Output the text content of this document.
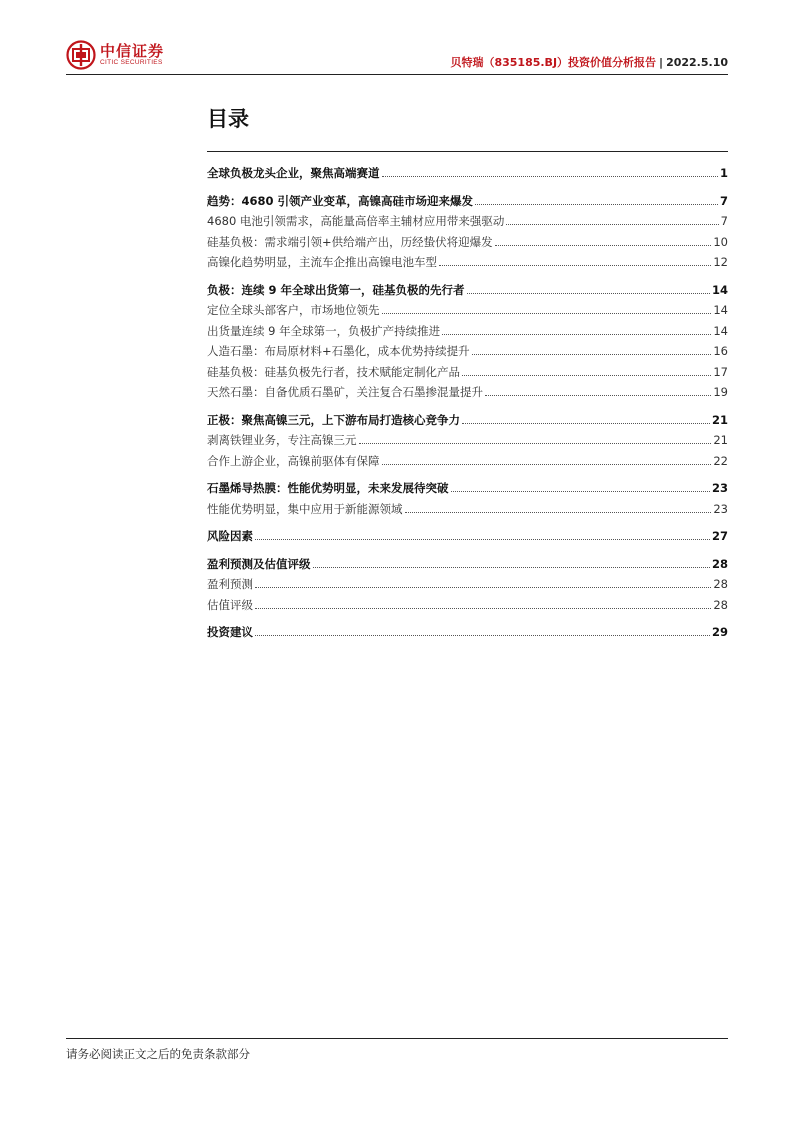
中信证券
CITIC SECURITIES	贝特瑞（835185.BJ）投资价值分析报告 | 2022.5.10
目录
全球负极龙头企业，聚焦高端赛道	1
趋势：4680 引领产业变革，高镍高硅市场迎来爆发	7
4680 电池引领需求，高能量高倍率主辅材应用带来强驱动	7
硅基负极：需求端引领+供给端产出，历经蛰伏将迎爆发	10
高镍化趋势明显，主流车企推出高镍电池车型	12
负极：连续 9 年全球出货第一，硅基负极的先行者	14
定位全球头部客户，市场地位领先	14
出货量连续 9 年全球第一，负极扩产持续推进	14
人造石墨：布局原材料+石墨化，成本优势持续提升	16
硅基负极：硅基负极先行者，技术赋能定制化产品	17
天然石墨：自备优质石墨矿，关注复合石墨掺混量提升	19
正极：聚焦高镍三元，上下游布局打造核心竞争力	21
剥离铁锂业务，专注高镍三元	21
合作上游企业，高镍前驱体有保障	22
石墨烯导热膜：性能优势明显，未来发展待突破	23
性能优势明显，集中应用于新能源领域	23
风险因素	27
盈利预测及估值评级	28
盈利预测	28
估值评级	28
投资建议	29
请务必阅读正文之后的免责条款部分
